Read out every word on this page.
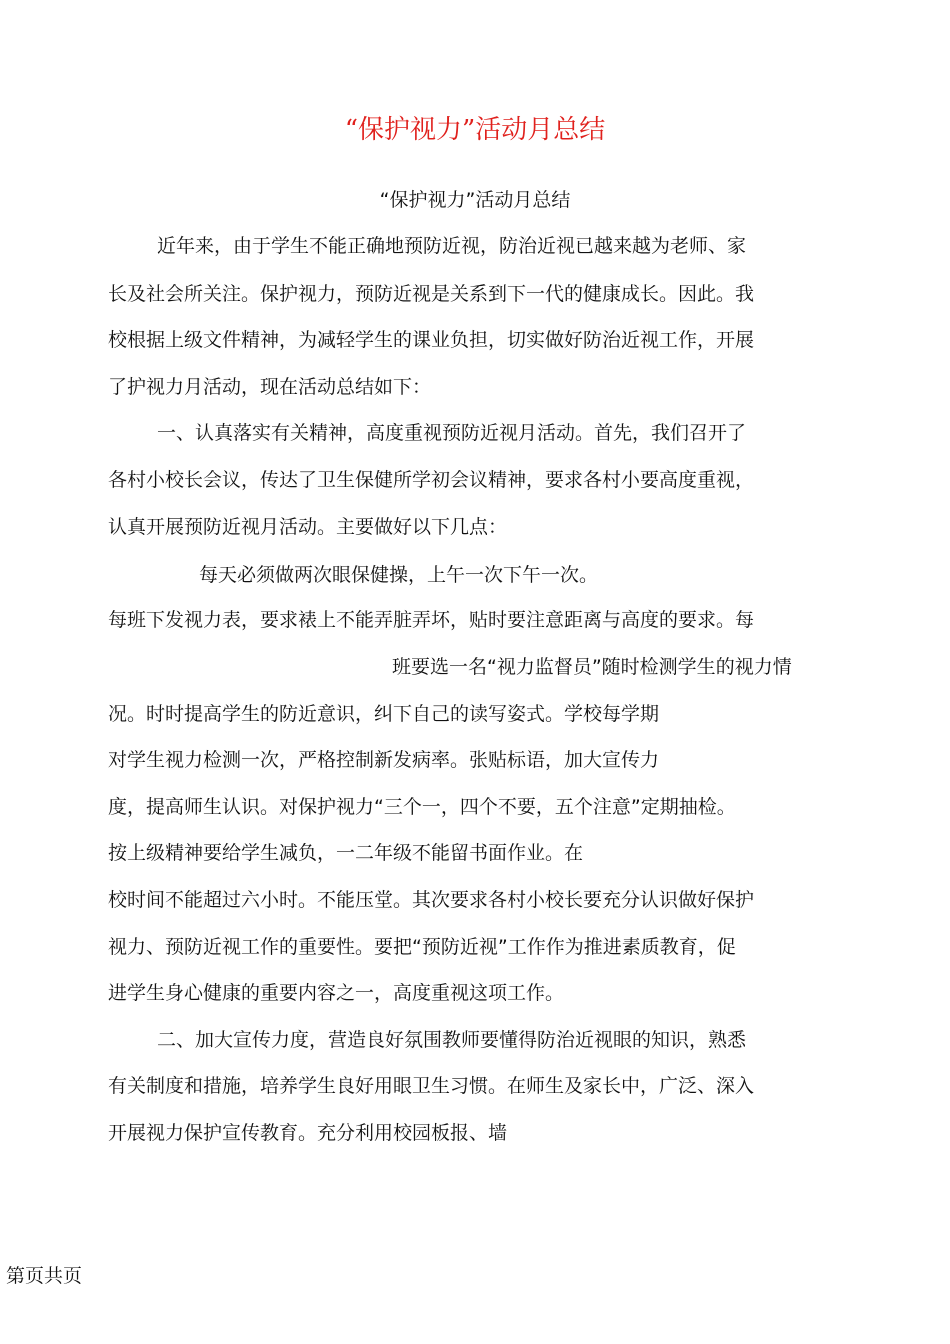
“保护视力”活动月总结
“保护视力”活动月总结
近年来，由于学生不能正确地预防近视，防治近视已越来越为老师、家
长及社会所关注。保护视力，预防近视是关系到下一代的健康成长。因此。我
校根据上级文件精神，为减轻学生的课业负担，切实做好防治近视工作，开展
了护视力月活动，现在活动总结如下：
一、认真落实有关精神，高度重视预防近视月活动。首先，我们召开了
各村小校长会议，传达了卫生保健所学初会议精神，要求各村小要高度重视，
认真开展预防近视月活动。主要做好以下几点：
每天必须做两次眼保健操，上午一次下午一次。
每班下发视力表，要求裱上不能弄脏弄坏，贴时要注意距离与高度的要求。每
班要选一名“视力监督员”随时检测学生的视力情
况。时时提高学生的防近意识，纠下自己的读写姿式。学校每学期
对学生视力检测一次，严格控制新发病率。张贴标语，加大宣传力
度，提高师生认识。对保护视力“三个一，四个不要，五个注意”定期抽检。
按上级精神要给学生减负，一二年级不能留书面作业。在
校时间不能超过六小时。不能压堂。其次要求各村小校长要充分认识做好保护
视力、预防近视工作的重要性。要把“预防近视”工作作为推进素质教育，促
进学生身心健康的重要内容之一，高度重视这项工作。
二、加大宣传力度，营造良好氛围教师要懂得防治近视眼的知识，熟悉
有关制度和措施，培养学生良好用眼卫生习惯。在师生及家长中，广泛、深入
开展视力保护宣传教育。充分利用校园板报、墙
第页共页
